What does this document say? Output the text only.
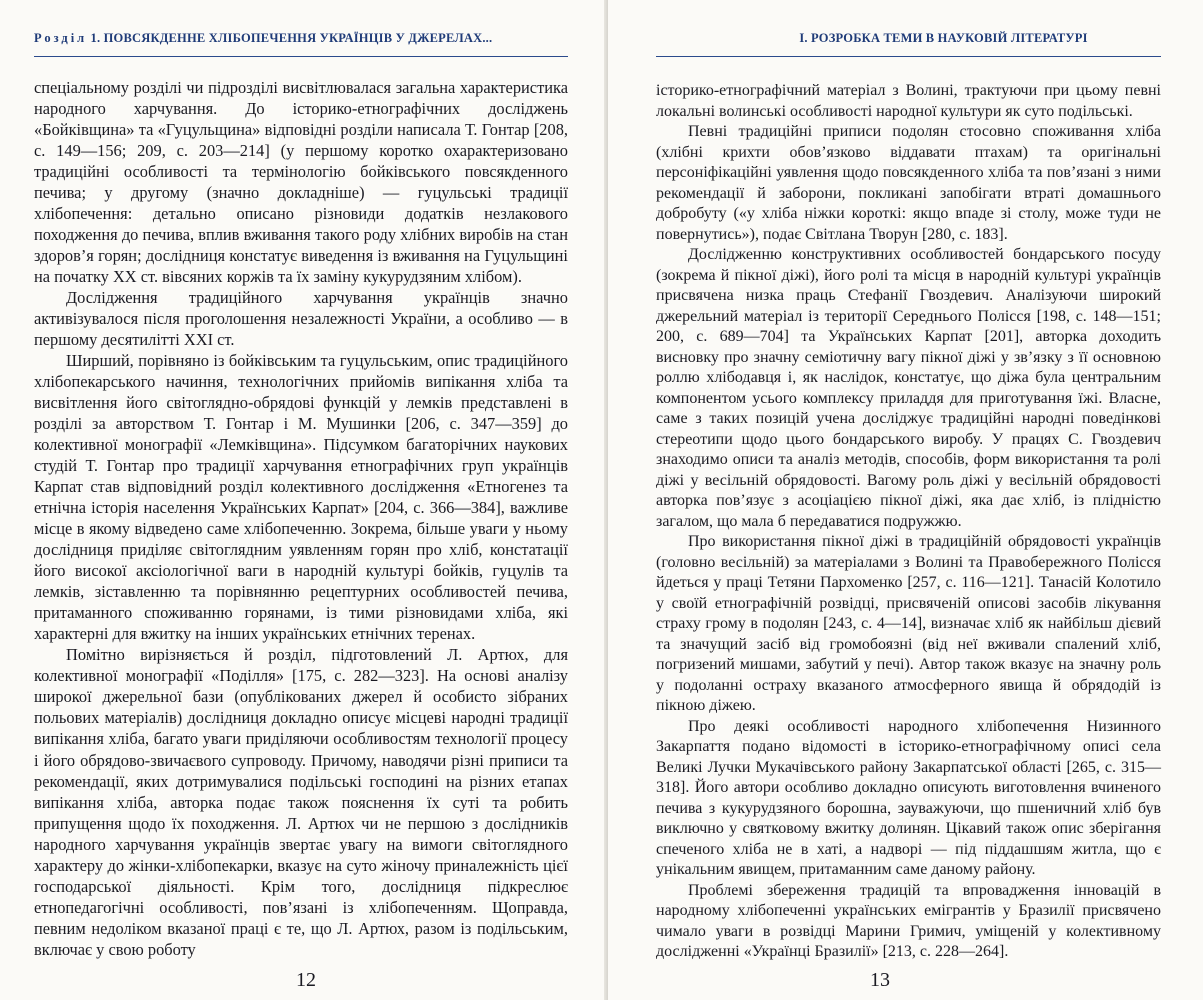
Розділ 1. ПОВСЯКДЕННЕ ХЛІБОПЕЧЕННЯ УКРАЇНЦІВ У ДЖЕРЕЛАХ...

спеціальному розділі чи підрозділі висвітлювалася загальна характеристика народного харчування. До історико-етнографічних досліджень «Бойківщина» та «Гуцульщина» відповідні розділи написала Т. Гонтар [208, с. 149—156; 209, с. 203—214] (у першому коротко охарактеризовано традиційні особливості та термінологію бойківського повсякденного печива; у другому (значно докладніше) — гуцульські традиції хлібопечення: детально описано різновиди додатків незлакового походження до печива, вплив вживання такого роду хлібних виробів на стан здоров’я горян; дослідниця констатує виведення із вживання на Гуцульщині на початку ХХ ст. вівсяних коржів та їх заміну кукурудзяним хлібом).

Дослідження традиційного харчування українців значно активізувалося після проголошення незалежності України, а особливо — в першому десятилітті ХХІ ст.

Ширший, порівняно із бойківським та гуцульським, опис традиційного хлібопекарського начиння, технологічних прийомів випікання хліба та висвітлення його світоглядно-обрядові функцій у лемків представлені в розділі за авторством Т. Гонтар і М. Мушинки [206, с. 347—359] до колективної монографії «Лемківщина». Підсумком багаторічних наукових студій Т. Гонтар про традиції харчування етнографічних груп українців Карпат став відповідний розділ колективного дослідження «Етногенез та етнічна історія населення Українських Карпат» [204, с. 366—384], важливе місце в якому відведено саме хлібопеченню. Зокрема, більше уваги у ньому дослідниця приділяє світоглядним уявленням горян про хліб, констатації його високої аксіологічної ваги в народній культурі бойків, гуцулів та лемків, зіставленню та порівнянню рецептурних особливостей печива, притаманного споживанню горянами, із тими різновидами хліба, які характерні для вжитку на інших українських етнічних теренах.

Помітно вирізняється й розділ, підготовлений Л. Артюх, для колективної монографії «Поділля» [175, с. 282—323]. На основі аналізу широкої джерельної бази (опублікованих джерел й особисто зібраних польових матеріалів) дослідниця докладно описує місцеві народні традиції випікання хліба, багато уваги приділяючи особливостям технології процесу і його обрядово-звичаєвого супроводу. Причому, наводячи різні приписи та рекомендації, яких дотримувалися подільські господині на різних етапах випікання хліба, авторка подає також пояснення їх суті та робить припущення щодо їх походження. Л. Артюх чи не першою з дослідників народного харчування українців звертає увагу на вимоги світоглядного характеру до жінки-хлібопекарки, вказує на суто жіночу приналежність цієї господарської діяльності. Крім того, дослідниця підкреслює етнопедагогічні особливості, пов’язані із хлібопеченням. Щоправда, певним недоліком вказаної праці є те, що Л. Артюх, разом із подільським, включає у свою роботу

12
І. РОЗРОБКА ТЕМИ В НАУКОВІЙ ЛІТЕРАТУРІ

історико-етнографічний матеріал з Волині, трактуючи при цьому певні локальні волинські особливості народної культури як суто подільські.

Певні традиційні приписи подолян стосовно споживання хліба (хлібні крихти обов’язково віддавати птахам) та оригінальні персоніфікаційні уявлення щодо повсякденного хліба та пов’язані з ними рекомендації й заборони, покликані запобігати втраті домашнього добробуту («у хліба ніжки короткі: якщо впаде зі столу, може туди не повернутись»), подає Світлана Творун [280, с. 183].

Дослідженню конструктивних особливостей бондарського посуду (зокрема й пікної діжі), його ролі та місця в народній культурі українців присвячена низка праць Стефанії Гвоздевич. Аналізуючи широкий джерельний матеріал із території Середнього Полісся [198, с. 148—151; 200, с. 689—704] та Українських Карпат [201], авторка доходить висновку про значну семіотичну вагу пікної діжі у зв’язку з її основною роллю хлібодавця і, як наслідок, констатує, що діжа була центральним компонентом усього комплексу приладдя для приготування їжі. Власне, саме з таких позицій учена досліджує традиційні народні поведінкові стереотипи щодо цього бондарського виробу. У працях С. Гвоздевич знаходимо описи та аналіз методів, способів, форм використання та ролі діжі у весільній обрядовості. Вагому роль діжі у весільній обрядовості авторка пов’язує з асоціацією пікної діжі, яка дає хліб, із плідністю загалом, що мала б передаватися подружжю.

Про використання пікної діжі в традиційній обрядовості українців (головно весільній) за матеріалами з Волині та Правобережного Полісся йдеться у праці Тетяни Пархоменко [257, с. 116—121]. Танасій Колотило у своїй етнографічній розвідці, присвяченій описові засобів лікування страху грому в подолян [243, с. 4—14], визначає хліб як найбільш дієвий та значущий засіб від громобоязні (від неї вживали спалений хліб, погризений мишами, забутий у печі). Автор також вказує на значну роль у подоланні остраху вказаного атмосферного явища й обрядодій із пікною діжею.

Про деякі особливості народного хлібопечення Низинного Закарпаття подано відомості в історико-етнографічному описі села Великі Лучки Мукачівського району Закарпатської області [265, с. 315—318]. Його автори особливо докладно описують виготовлення вчиненого печива з кукурудзяного борошна, зауважуючи, що пшеничний хліб був виключно у святковому вжитку долинян. Цікавий також опис зберігання спеченого хліба не в хаті, а надворі — під піддашшям житла, що є унікальним явищем, притаманним саме даному району.

Проблемі збереження традицій та впровадження інновацій в народному хлібопеченні українських емігрантів у Бразилії присвячено чимало уваги в розвідці Марини Гримич, уміщеній у колективному дослідженні «Українці Бразилії» [213, с. 228—264].

13
